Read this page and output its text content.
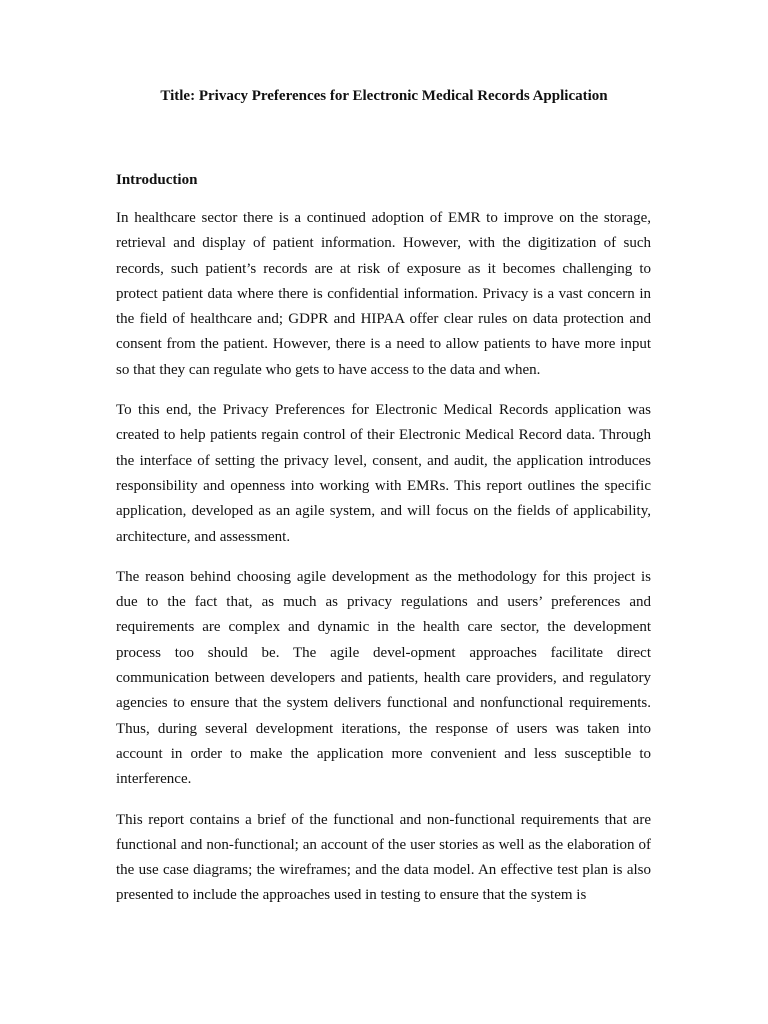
Title: Privacy Preferences for Electronic Medical Records Application
Introduction

In healthcare sector there is a continued adoption of EMR to improve on the storage, retrieval and display of patient information. However, with the digitization of such records, such patient’s records are at risk of exposure as it becomes challenging to protect patient data where there is confidential information. Privacy is a vast concern in the field of healthcare and; GDPR and HIPAA offer clear rules on data protection and consent from the patient. However, there is a need to allow patients to have more input so that they can regulate who gets to have access to the data and when.

To this end, the Privacy Preferences for Electronic Medical Records application was created to help patients regain control of their Electronic Medical Record data. Through the interface of setting the privacy level, consent, and audit, the application introduces responsibility and openness into working with EMRs. This report outlines the specific application, developed as an agile system, and will focus on the fields of applicability, architecture, and assessment.

The reason behind choosing agile development as the methodology for this project is due to the fact that, as much as privacy regulations and users’ preferences and requirements are complex and dynamic in the health care sector, the development process too should be. The agile devel-opment approaches facilitate direct communication between developers and patients, health care providers, and regulatory agencies to ensure that the system delivers functional and nonfunctional requirements. Thus, during several development iterations, the response of users was taken into account in order to make the application more convenient and less susceptible to interference.

This report contains a brief of the functional and non-functional requirements that are functional and non-functional; an account of the user stories as well as the elaboration of the use case diagrams; the wireframes; and the data model. An effective test plan is also presented to include the approaches used in testing to ensure that the system is
